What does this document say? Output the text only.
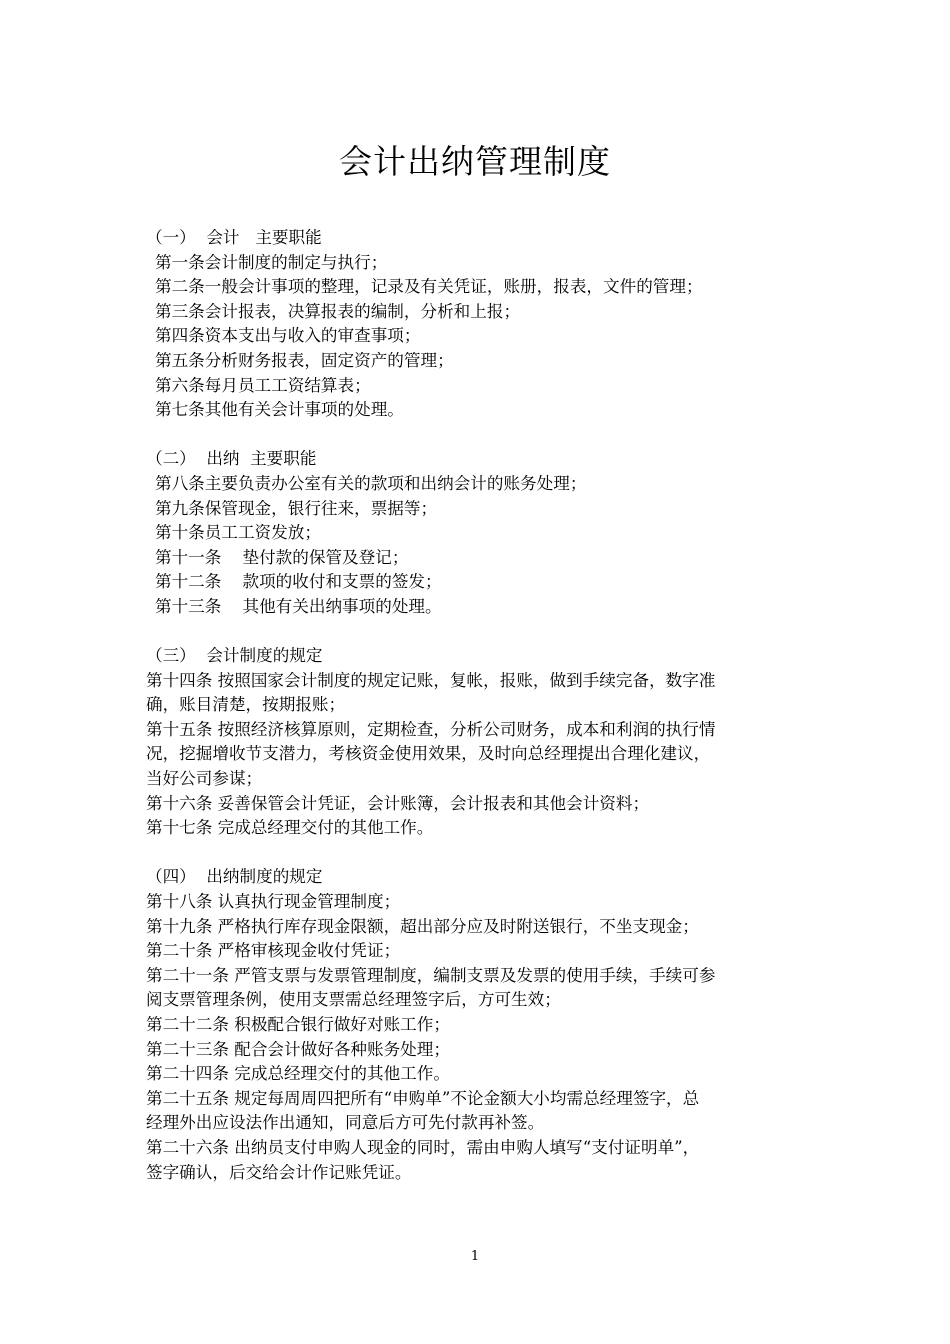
会计出纳管理制度
（一）  会计   主要职能
第一条会计制度的制定与执行；
第二条一般会计事项的整理，记录及有关凭证，账册，报表，文件的管理；
第三条会计报表，决算报表的编制，分析和上报；
第四条资本支出与收入的审查事项；
第五条分析财务报表，固定资产的管理；
第六条每月员工工资结算表；
第七条其他有关会计事项的处理。
（二）  出纳  主要职能
第八条主要负责办公室有关的款项和出纳会计的账务处理；
第九条保管现金，银行往来，票据等；
第十条员工工资发放；
第十一条    垫付款的保管及登记；
第十二条    款项的收付和支票的签发；
第十三条    其他有关出纳事项的处理。
（三）  会计制度的规定
第十四条 按照国家会计制度的规定记账，复帐，报账，做到手续完备，数字准
确，账目清楚，按期报账；
第十五条 按照经济核算原则，定期检查，分析公司财务，成本和利润的执行情
况，挖掘增收节支潜力，考核资金使用效果，及时向总经理提出合理化建议，
当好公司参谋；
第十六条 妥善保管会计凭证，会计账簿，会计报表和其他会计资料；
第十七条 完成总经理交付的其他工作。
（四）  出纳制度的规定
第十八条 认真执行现金管理制度；
第十九条 严格执行库存现金限额，超出部分应及时附送银行，不坐支现金；
第二十条 严格审核现金收付凭证；
第二十一条 严管支票与发票管理制度，编制支票及发票的使用手续，手续可参
阅支票管理条例，使用支票需总经理签字后，方可生效；
第二十二条 积极配合银行做好对账工作；
第二十三条 配合会计做好各种账务处理；
第二十四条 完成总经理交付的其他工作。
第二十五条 规定每周周四把所有“申购单”不论金额大小均需总经理签字，总
经理外出应设法作出通知，同意后方可先付款再补签。
第二十六条 出纳员支付申购人现金的同时，需由申购人填写“支付证明单”，
签字确认，后交给会计作记账凭证。
1
